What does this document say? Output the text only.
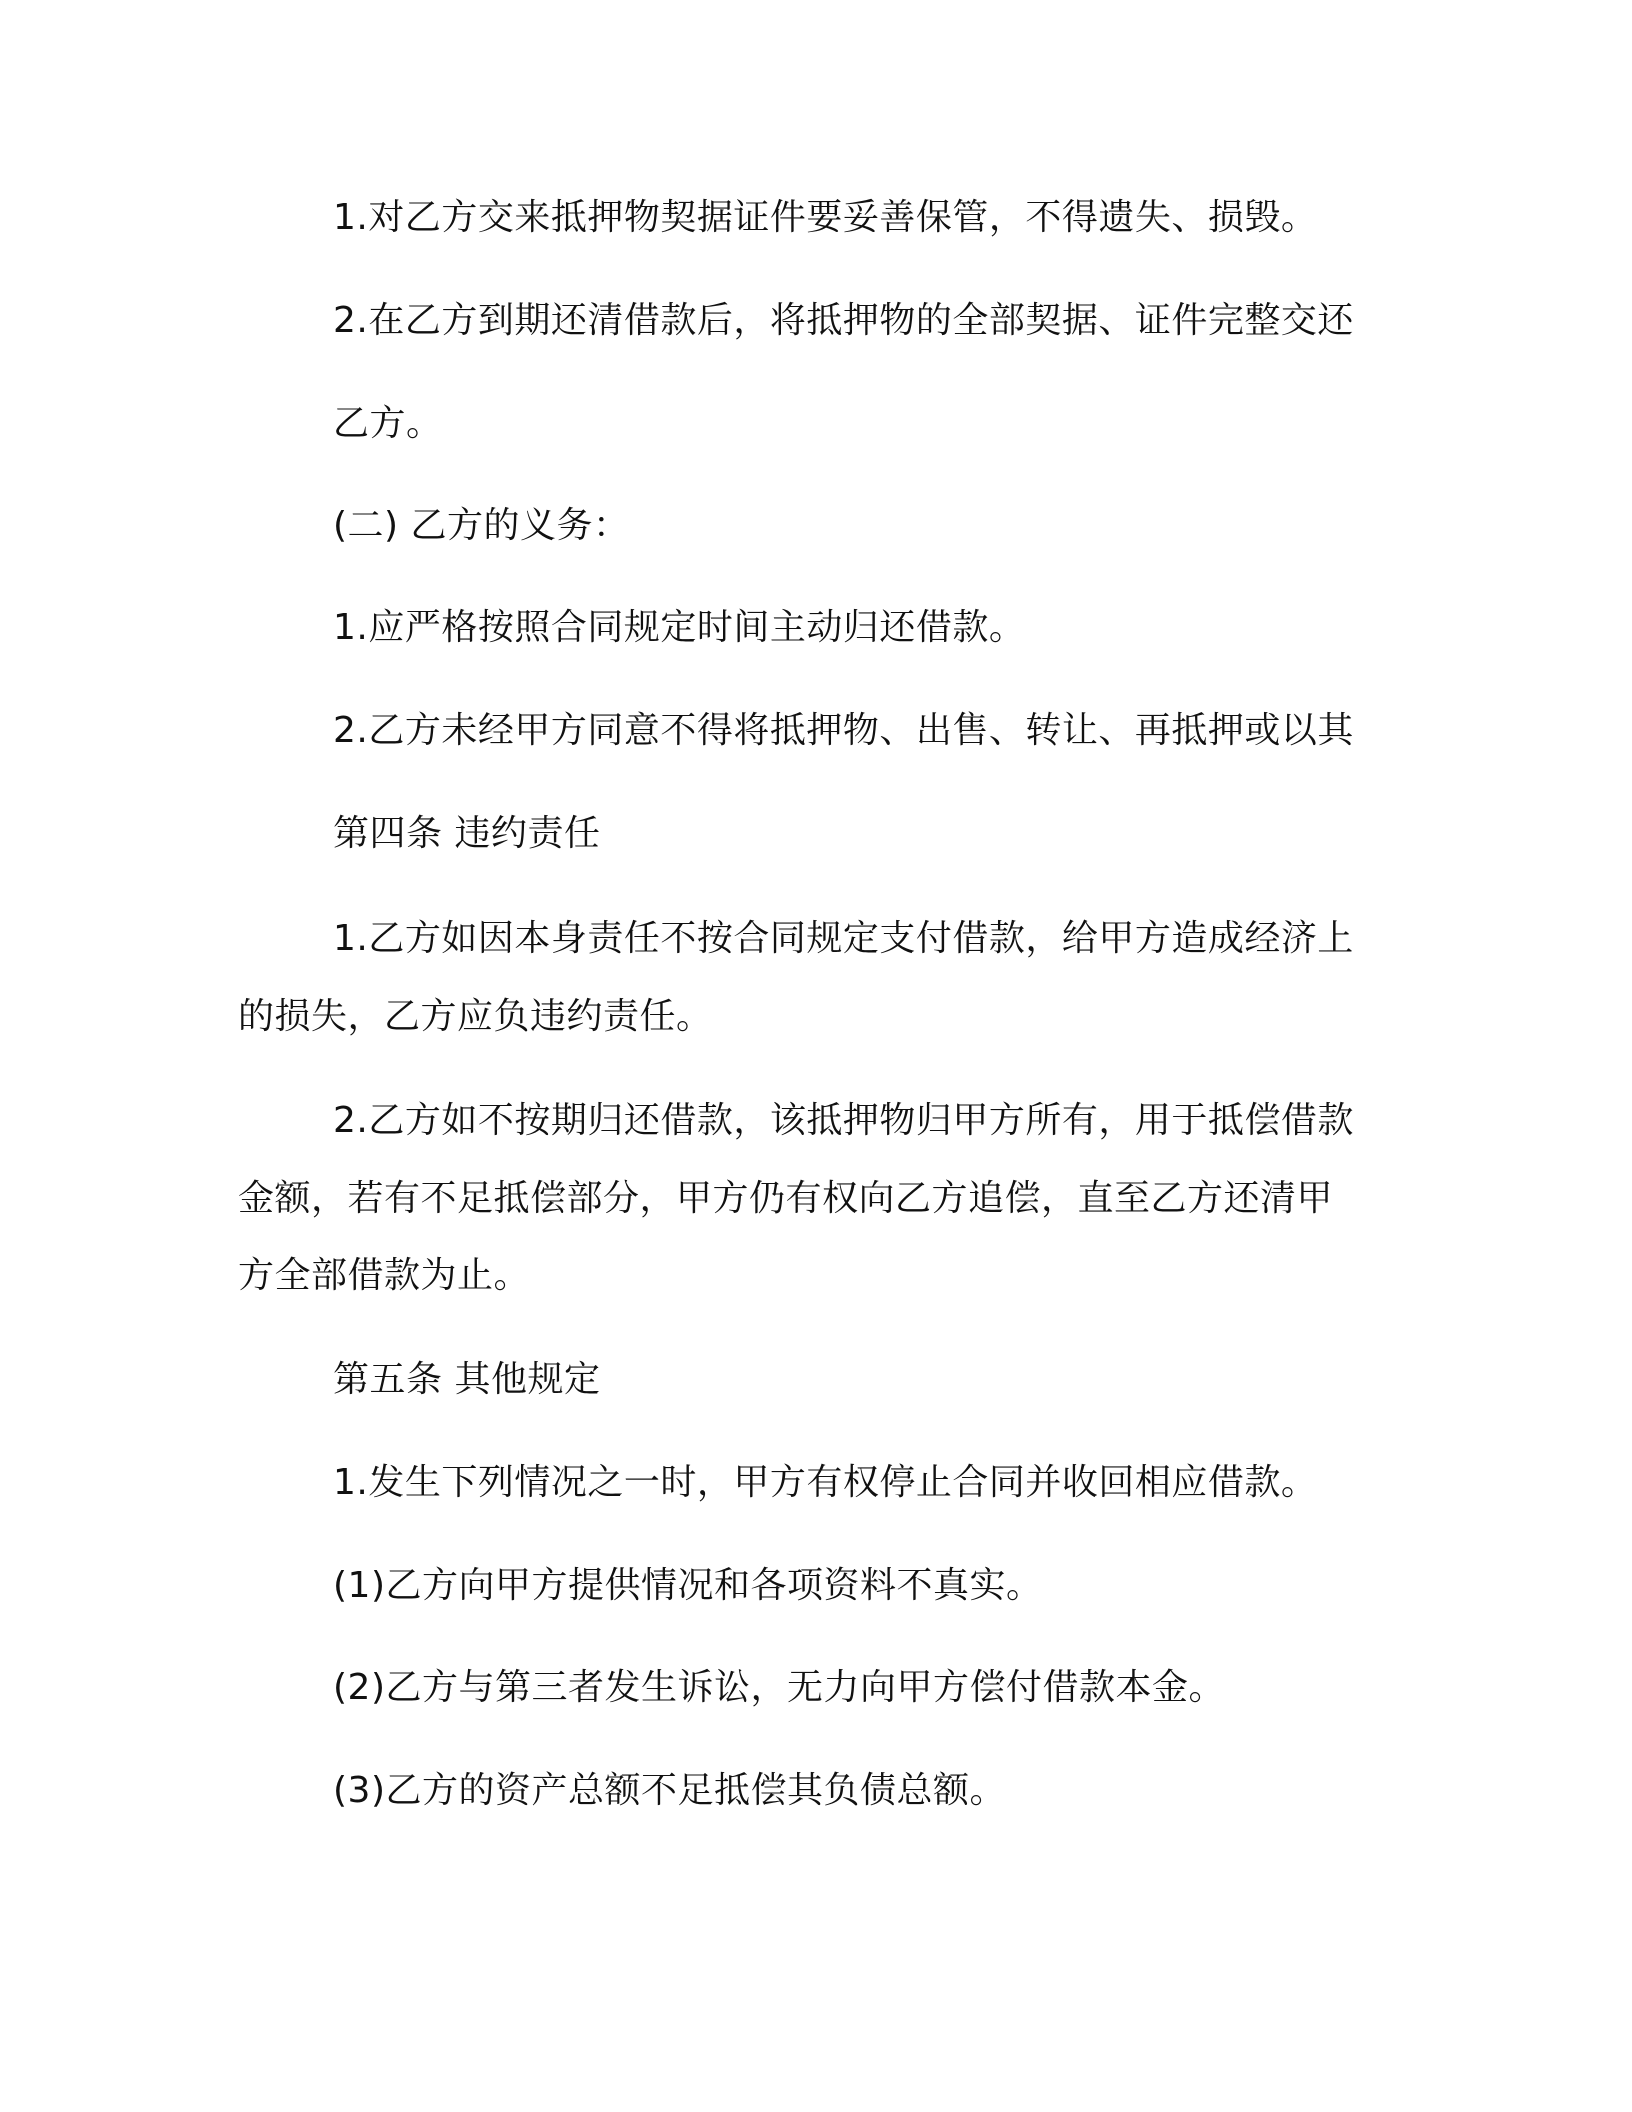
1.对乙方交来抵押物契据证件要妥善保管，不得遗失、损毁。
2.在乙方到期还清借款后，将抵押物的全部契据、证件完整交还
乙方。
(二) 乙方的义务：
1.应严格按照合同规定时间主动归还借款。
2.乙方未经甲方同意不得将抵押物、出售、转让、再抵押或以其
第四条 违约责任
1.乙方如因本身责任不按合同规定支付借款，给甲方造成经济上
的损失，乙方应负违约责任。
2.乙方如不按期归还借款，该抵押物归甲方所有，用于抵偿借款
金额，若有不足抵偿部分，甲方仍有权向乙方追偿，直至乙方还清甲
方全部借款为止。
第五条 其他规定
1.发生下列情况之一时，甲方有权停止合同并收回相应借款。
(1)乙方向甲方提供情况和各项资料不真实。
(2)乙方与第三者发生诉讼，无力向甲方偿付借款本金。
(3)乙方的资产总额不足抵偿其负债总额。
